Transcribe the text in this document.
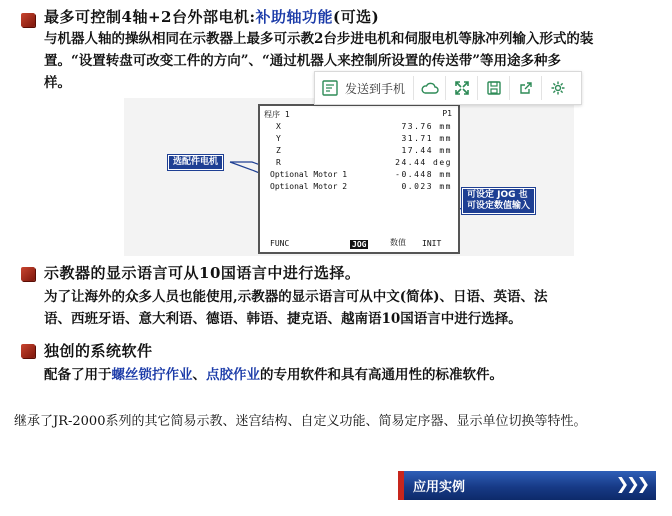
最多可控制4轴+2台外部电机:补助轴功能(可选)
与机器人轴的操纵相同在示教器上最多可示教2台步进电机和伺服电机等脉冲列输入形式的装
置。“设置转盘可改变工件的方向”、“通过机器人来控制所设置的传送带”等用途多种多
样。
程序 1	P1
X	73.76 mm
Y	31.71 mm
Z	17.44 mm
R	24.44 deg
Optional Motor 1	-0.448 mm
Optional Motor 2	0.023 mm
FUNC	JOG	数值 INIT
选配件电机
可设定 JOG 也
可设定数值输入
发送到手机
示教器的显示语言可从10国语言中进行选择。
为了让海外的众多人员也能使用,示教器的显示语言可从中文(简体)、日语、英语、法
语、西班牙语、意大利语、德语、韩语、捷克语、越南语10国语言中进行选择。
独创的系统软件
配备了用于螺丝锁拧作业、点胶作业的专用软件和具有高通用性的标准软件。
继承了JR-2000系列的其它简易示教、迷宫结构、自定义功能、简易定序器、显示单位切换等特性。
应用实例	❯❯❯
